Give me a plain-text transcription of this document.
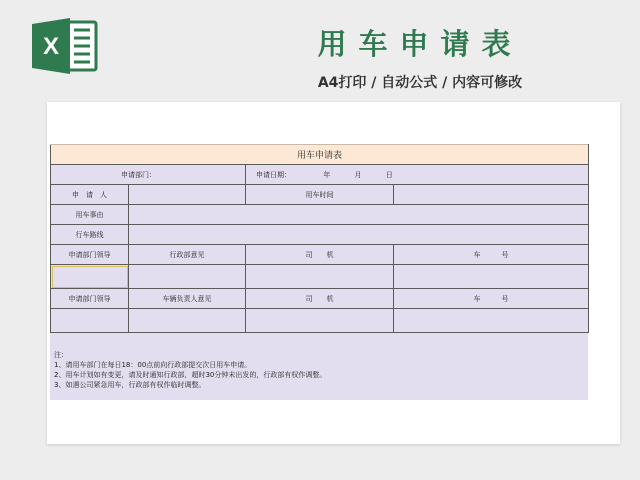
X	用车申请表
A4打印 / 自动公式 / 内容可修改
用车申请表			
申请部门：		申请日期： 年 月 日	
申　请　人		用车时间	
用车事由			
行车路线			
申请部门领导	行政部意见	司　　机	车　　　号

申请部门领导	车辆负责人意见	司　　机	车　　　号

注：
1、请用车部门在每日18：00点前向行政部提交次日用车申请。
2、用车计划如有变更，请及时通知行政部，超时30分钟未出发的，行政部有权作调整。
3、如遇公司紧急用车，行政部有权作临时调整。
